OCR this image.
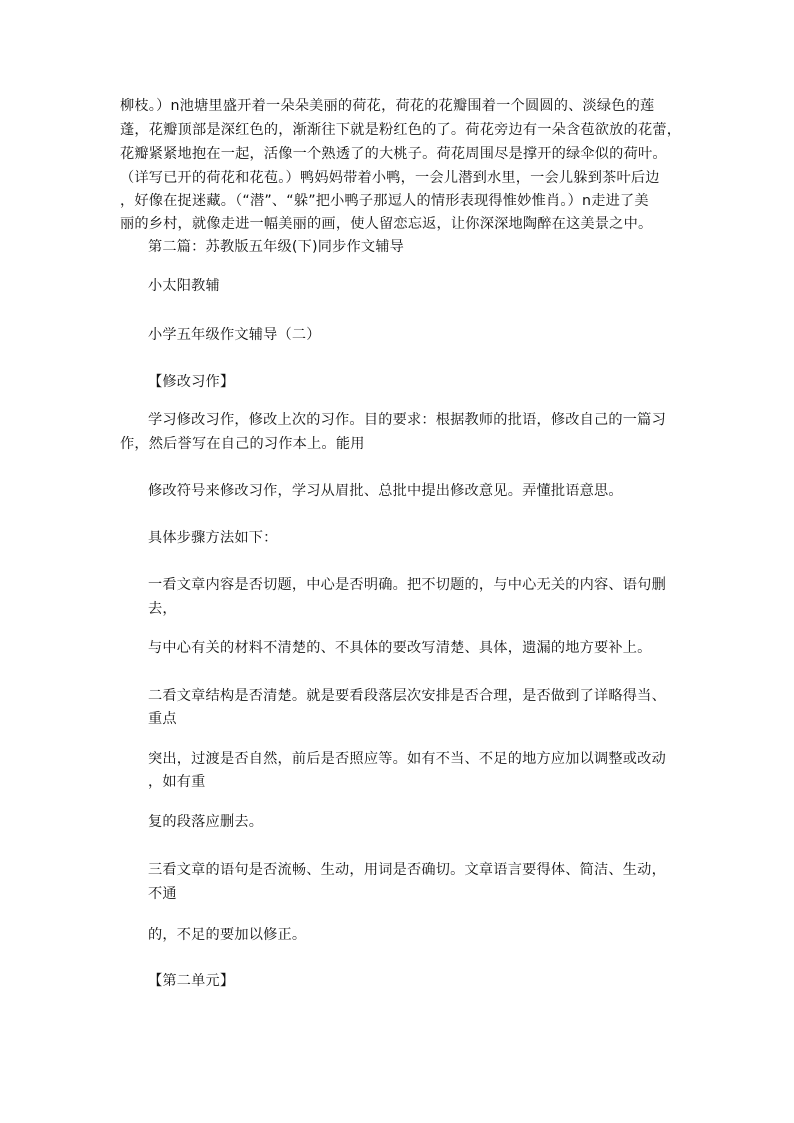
柳枝。）n池塘里盛开着一朵朵美丽的荷花，荷花的花瓣围着一个圆圆的、淡绿色的莲
蓬，花瓣顶部是深红色的，渐渐往下就是粉红色的了。荷花旁边有一朵含苞欲放的花蕾，
花瓣紧紧地抱在一起，活像一个熟透了的大桃子。荷花周围尽是撑开的绿伞似的荷叶。
（详写已开的荷花和花苞。）鸭妈妈带着小鸭，一会儿潜到水里，一会儿躲到茶叶后边
，好像在捉迷藏。（“潜”、“躲”把小鸭子那逗人的情形表现得惟妙惟肖。）n走进了美
丽的乡村，就像走进一幅美丽的画，使人留恋忘返，让你深深地陶醉在这美景之中。
第二篇：苏教版五年级(下)同步作文辅导
小太阳教辅
小学五年级作文辅导（二）
【修改习作】
学习修改习作，修改上次的习作。目的要求：根据教师的批语，修改自己的一篇习
作，然后誉写在自己的习作本上。能用
修改符号来修改习作，学习从眉批、总批中提出修改意见。弄懂批语意思。
具体步骤方法如下：
一看文章内容是否切题，中心是否明确。把不切题的，与中心无关的内容、语句删
去，
与中心有关的材料不清楚的、不具体的要改写清楚、具体，遗漏的地方要补上。
二看文章结构是否清楚。就是要看段落层次安排是否合理，是否做到了详略得当、
重点
突出，过渡是否自然，前后是否照应等。如有不当、不足的地方应加以调整或改动
，如有重
复的段落应删去。
三看文章的语句是否流畅、生动，用词是否确切。文章语言要得体、简洁、生动，
不通
的，不足的要加以修正。
【第二单元】
